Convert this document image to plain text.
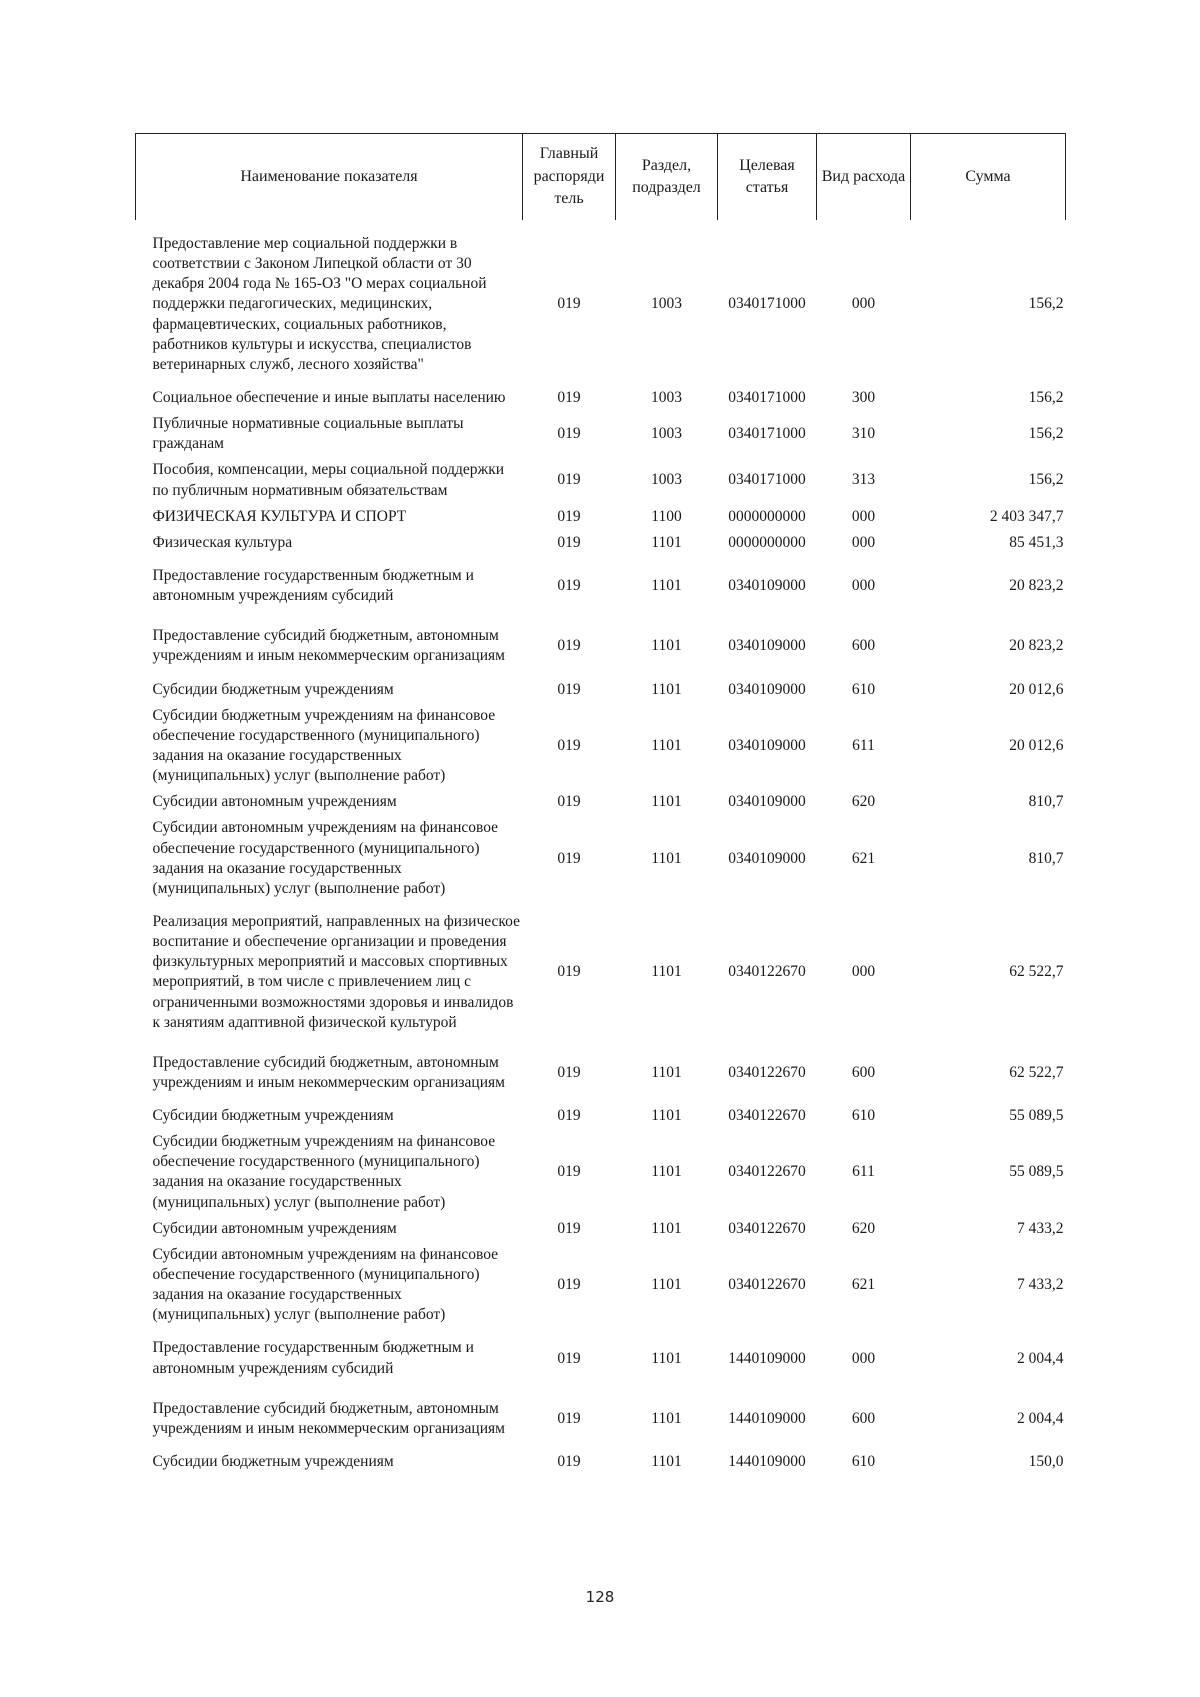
Наименование показателя	Главный распоряди тель	Раздел, подраздел	Целевая статья	Вид расхода	Сумма
Предоставление мер социальной поддержки в соответствии с Законом Липецкой области от 30 декабря 2004 года № 165-ОЗ "О мерах социальной поддержки педагогических, медицинских, фармацевтических, социальных работников, работников культуры и искусства, специалистов ветеринарных служб, лесного хозяйства"	019	1003	0340171000	000	156,2
Социальное обеспечение и иные выплаты населению	019	1003	0340171000	300	156,2
Публичные нормативные социальные выплаты гражданам	019	1003	0340171000	310	156,2
Пособия, компенсации, меры социальной поддержки по публичным нормативным обязательствам	019	1003	0340171000	313	156,2
ФИЗИЧЕСКАЯ КУЛЬТУРА И СПОРТ	019	1100	0000000000	000	2 403 347,7
Физическая культура	019	1101	0000000000	000	85 451,3
Предоставление государственным бюджетным и автономным учреждениям субсидий	019	1101	0340109000	000	20 823,2
Предоставление субсидий бюджетным, автономным учреждениям и иным некоммерческим организациям	019	1101	0340109000	600	20 823,2
Субсидии бюджетным учреждениям	019	1101	0340109000	610	20 012,6
Субсидии бюджетным учреждениям на финансовое обеспечение государственного (муниципального) задания на оказание государственных (муниципальных) услуг (выполнение работ)	019	1101	0340109000	611	20 012,6
Субсидии автономным учреждениям	019	1101	0340109000	620	810,7
Субсидии автономным учреждениям на финансовое обеспечение государственного (муниципального) задания на оказание государственных (муниципальных) услуг (выполнение работ)	019	1101	0340109000	621	810,7
Реализация мероприятий, направленных на физическое воспитание и обеспечение организации и проведения физкультурных мероприятий и массовых спортивных мероприятий, в том числе с привлечением лиц с ограниченными возможностями здоровья и инвалидов к занятиям адаптивной физической культурой	019	1101	0340122670	000	62 522,7
Предоставление субсидий бюджетным, автономным учреждениям и иным некоммерческим организациям	019	1101	0340122670	600	62 522,7
Субсидии бюджетным учреждениям	019	1101	0340122670	610	55 089,5
Субсидии бюджетным учреждениям на финансовое обеспечение государственного (муниципального) задания на оказание государственных (муниципальных) услуг (выполнение работ)	019	1101	0340122670	611	55 089,5
Субсидии автономным учреждениям	019	1101	0340122670	620	7 433,2
Субсидии автономным учреждениям на финансовое обеспечение государственного (муниципального) задания на оказание государственных (муниципальных) услуг (выполнение работ)	019	1101	0340122670	621	7 433,2
Предоставление государственным бюджетным и автономным учреждениям субсидий	019	1101	1440109000	000	2 004,4
Предоставление субсидий бюджетным, автономным учреждениям и иным некоммерческим организациям	019	1101	1440109000	600	2 004,4
Субсидии бюджетным учреждениям	019	1101	1440109000	610	150,0
128
